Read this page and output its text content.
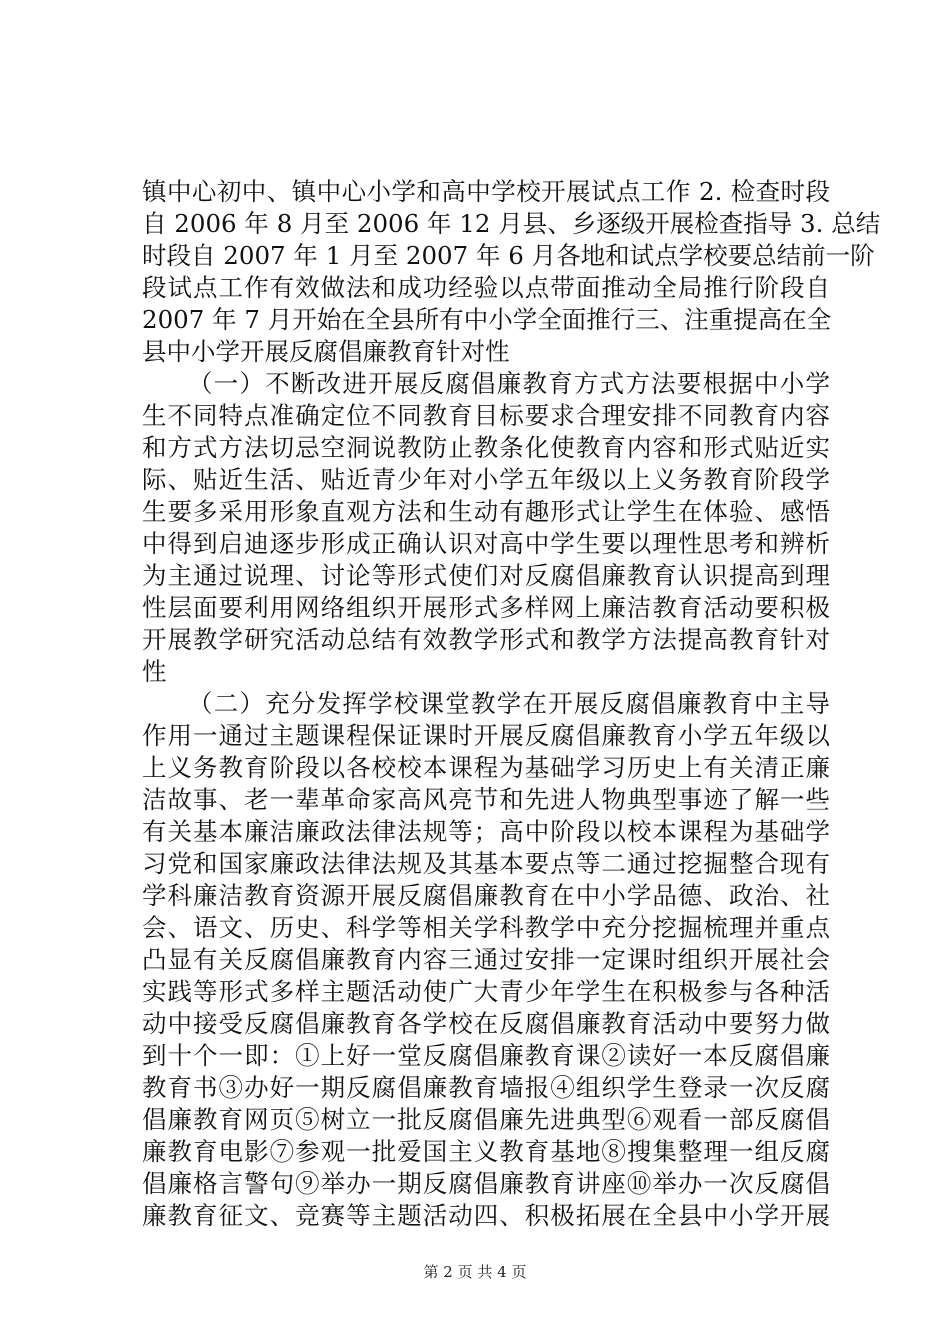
镇中心初中、镇中心小学和高中学校开展试点工作 2. 检查时段
自 2006 年 8 月至 2006 年 12 月县、乡逐级开展检查指导 3. 总结
时段自 2007 年 1 月至 2007 年 6 月各地和试点学校要总结前一阶
段试点工作有效做法和成功经验以点带面推动全局推行阶段自
2007 年 7 月开始在全县所有中小学全面推行三、注重提高在全
县中小学开展反腐倡廉教育针对性
（一）不断改进开展反腐倡廉教育方式方法要根据中小学
生不同特点准确定位不同教育目标要求合理安排不同教育内容
和方式方法切忌空洞说教防止教条化使教育内容和形式贴近实
际、贴近生活、贴近青少年对小学五年级以上义务教育阶段学
生要多采用形象直观方法和生动有趣形式让学生在体验、感悟
中得到启迪逐步形成正确认识对高中学生要以理性思考和辨析
为主通过说理、讨论等形式使们对反腐倡廉教育认识提高到理
性层面要利用网络组织开展形式多样网上廉洁教育活动要积极
开展教学研究活动总结有效教学形式和教学方法提高教育针对
性
（二）充分发挥学校课堂教学在开展反腐倡廉教育中主导
作用一通过主题课程保证课时开展反腐倡廉教育小学五年级以
上义务教育阶段以各校校本课程为基础学习历史上有关清正廉
洁故事、老一辈革命家高风亮节和先进人物典型事迹了解一些
有关基本廉洁廉政法律法规等；高中阶段以校本课程为基础学
习党和国家廉政法律法规及其基本要点等二通过挖掘整合现有
学科廉洁教育资源开展反腐倡廉教育在中小学品德、政治、社
会、语文、历史、科学等相关学科教学中充分挖掘梳理并重点
凸显有关反腐倡廉教育内容三通过安排一定课时组织开展社会
实践等形式多样主题活动使广大青少年学生在积极参与各种活
动中接受反腐倡廉教育各学校在反腐倡廉教育活动中要努力做
到十个一即：①上好一堂反腐倡廉教育课②读好一本反腐倡廉
教育书③办好一期反腐倡廉教育墙报④组织学生登录一次反腐
倡廉教育网页⑤树立一批反腐倡廉先进典型⑥观看一部反腐倡
廉教育电影⑦参观一批爱国主义教育基地⑧搜集整理一组反腐
倡廉格言警句⑨举办一期反腐倡廉教育讲座⑩举办一次反腐倡
廉教育征文、竞赛等主题活动四、积极拓展在全县中小学开展
第 2 页 共 4 页
